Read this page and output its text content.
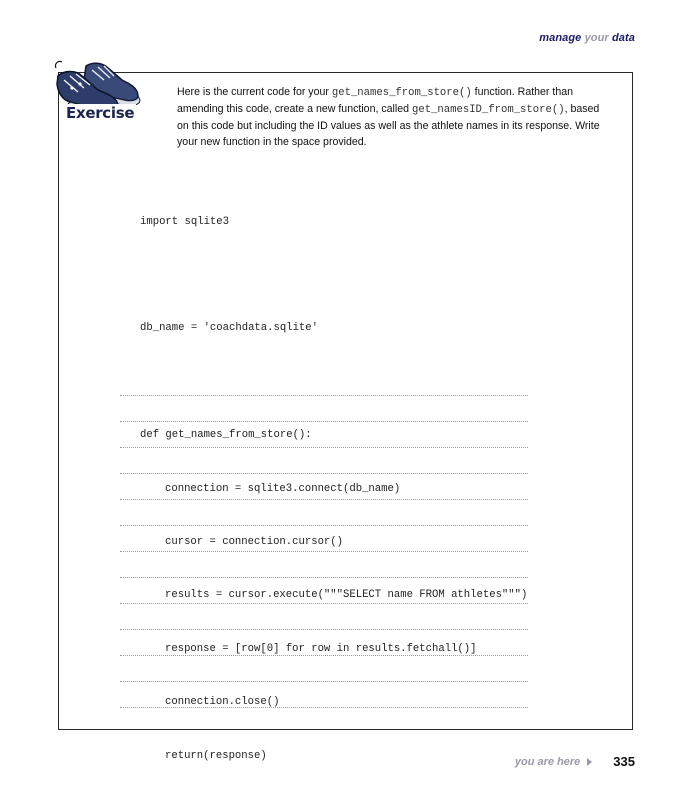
manage your data
Exercise
Here is the current code for your get_names_from_store() function. Rather than amending this code, create a new function, called get_namesID_from_store(), based on this code but including the ID values as well as the athlete names in its response. Write your new function in the space provided.

import sqlite3

db_name = 'coachdata.sqlite'

def get_names_from_store():

connection = sqlite3.connect(db_name)

cursor = connection.cursor()

results = cursor.execute("""SELECT name FROM athletes""")

response = [row[0] for row in results.fetchall()]

connection.close()

return(response)	you are here	335
